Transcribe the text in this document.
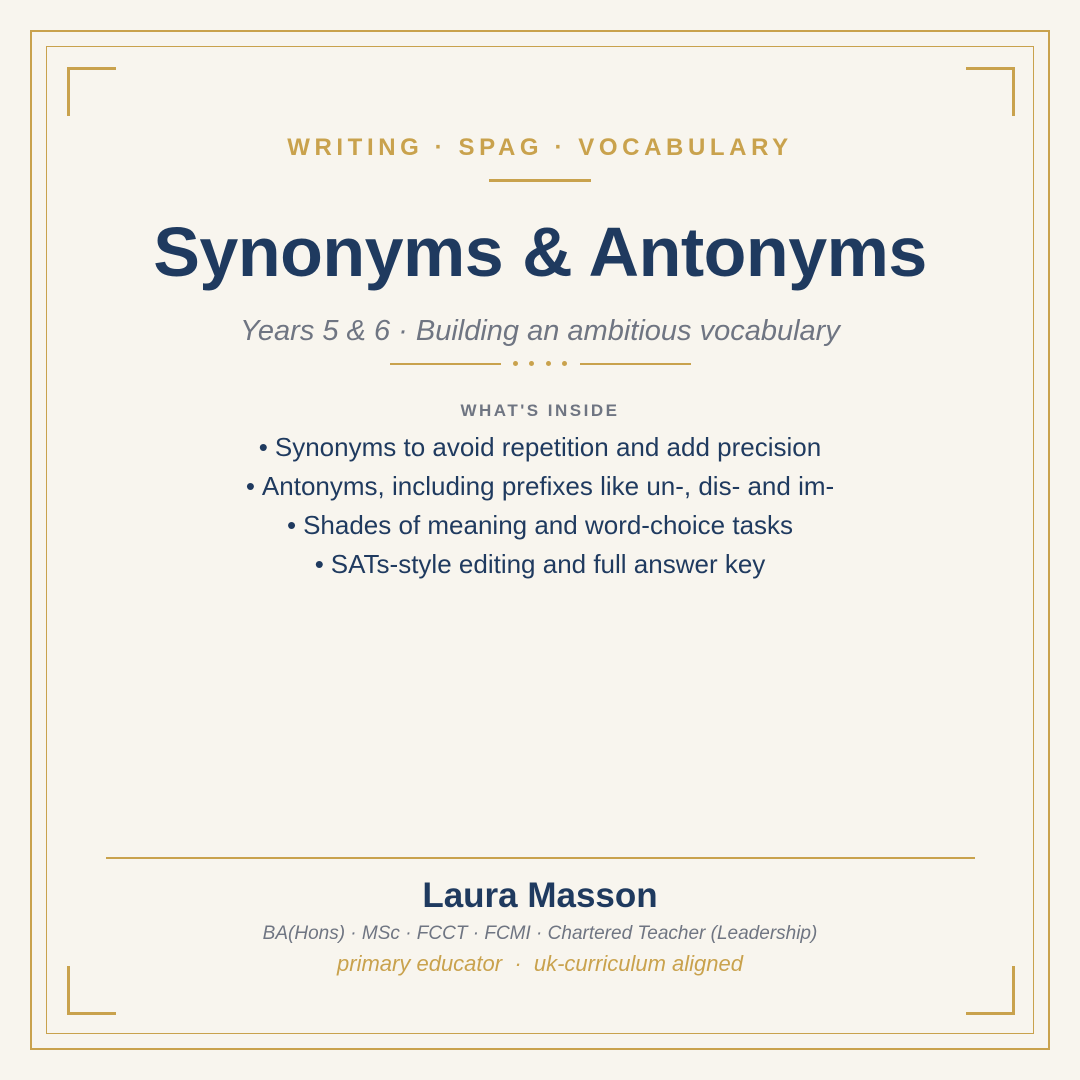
WRITING · SPAG · VOCABULARY
Synonyms & Antonyms
Years 5 & 6 · Building an ambitious vocabulary
WHAT'S INSIDE
• Synonyms to avoid repetition and add precision
• Antonyms, including prefixes like un-, dis- and im-
• Shades of meaning and word-choice tasks
• SATs-style editing and full answer key
Laura Masson
BA(Hons) · MSc · FCCT · FCMI · Chartered Teacher (Leadership)
primary educator  ·  uk-curriculum aligned
